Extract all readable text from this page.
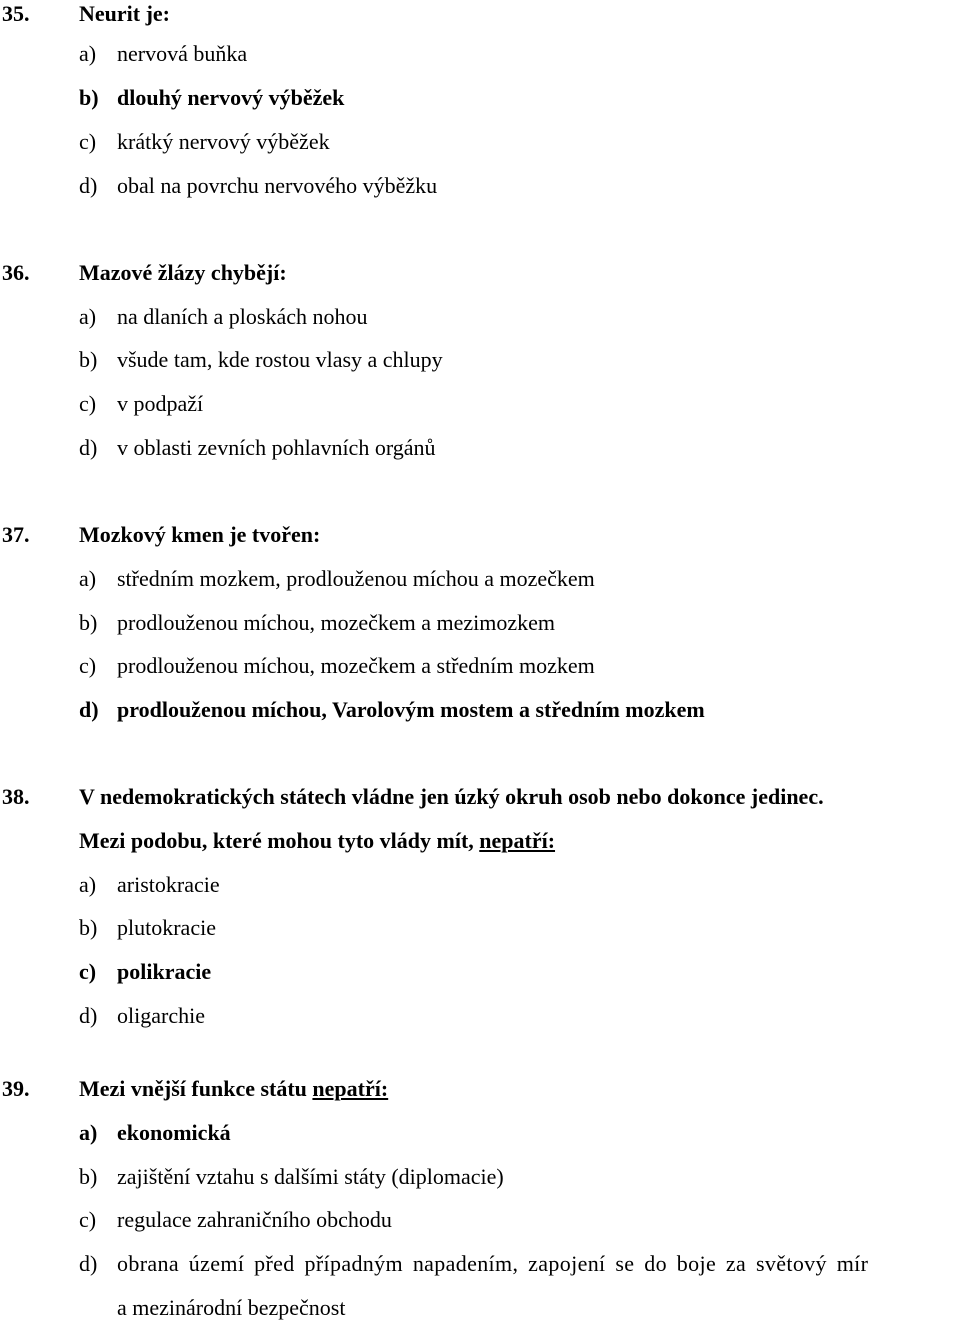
35. Neurit je:
a) nervová buňka
b) dlouhý nervový výběžek
c) krátký nervový výběžek
d) obal na povrchu nervového výběžku
36. Mazové žlázy chybějí:
a) na dlaních a ploskách nohou
b) všude tam, kde rostou vlasy a chlupy
c) v podpaží
d) v oblasti zevních pohlavních orgánů
37. Mozkový kmen je tvořen:
a) středním mozkem, prodlouženou míchou a mozečkem
b) prodlouženou míchou, mozečkem a mezimozkem
c) prodlouženou míchou, mozečkem a středním mozkem
d) prodlouženou míchou, Varolovým mostem a středním mozkem
38. V nedemokratických státech vládne jen úzký okruh osob nebo dokonce jedinec.
Mezi podobu, které mohou tyto vlády mít, nepatří:
a) aristokracie
b) plutokracie
c) polikracie
d) oligarchie
39. Mezi vnější funkce státu nepatří:
a) ekonomická
b) zajištění vztahu s dalšími státy (diplomacie)
c) regulace zahraničního obchodu
d) obrana území před případným napadením, zapojení se do boje za světový mír
a mezinárodní bezpečnost
